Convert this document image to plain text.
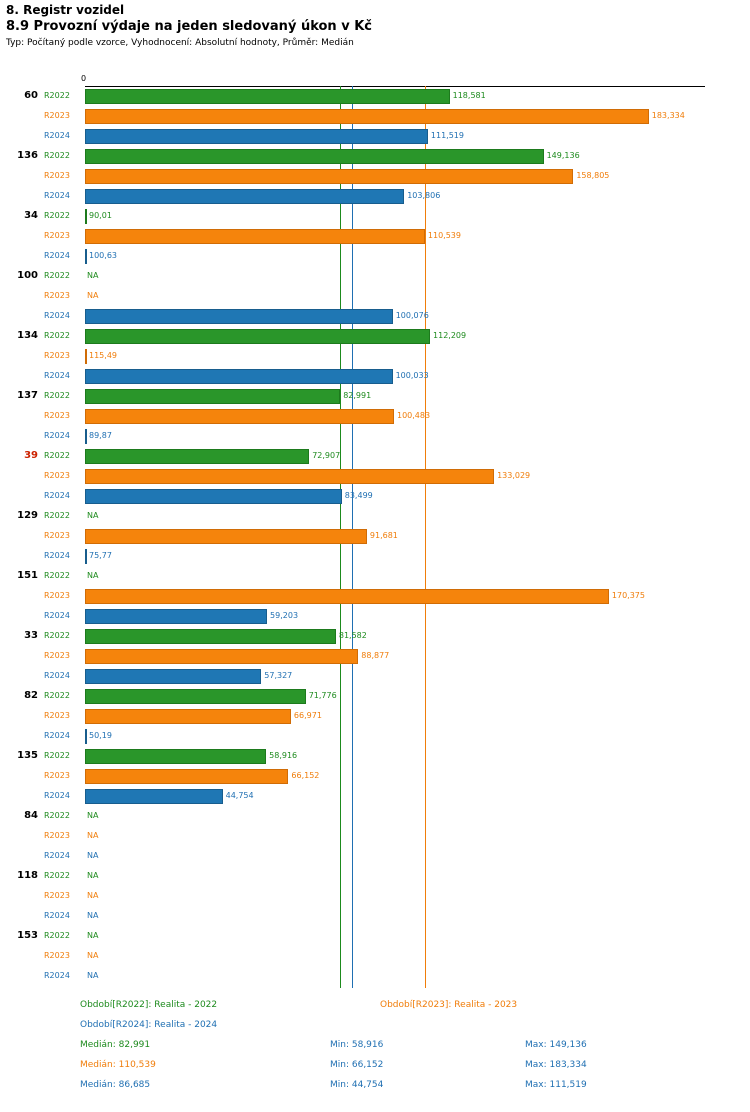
8. Registr vozidel
8.9 Provozní výdaje na jeden sledovaný úkon v Kč
Typ: Počítaný podle vzorce, Vyhodnocení: Absolutní hodnoty, Průměr: Medián
0
60 R2022	118,581
R2023	183,334
R2024	111,519
136 R2022	149,136
R2023	158,805
R2024	103,806
34 R2022 90,01
R2023	110,539
R2024 100,63
100 R2022 NA
R2023 NA
R2024	100,076
134 R2022	112,209
R2023 115,49
R2024	100,033
137 R2022	82,991
R2023	100,483
R2024 89,87
39 R2022	72,907
R2023	133,029
R2024	83,499
129 R2022 NA
R2023	91,681
R2024 75,77
151 R2022 NA
R2023	170,375
R2024	59,203
33 R2022	81,582
R2023	88,877
R2024	57,327
82 R2022	71,776
R2023	66,971
R2024 50,19
135 R2022	58,916
R2023	66,152
R2024	44,754
84 R2022 NA
R2023 NA
R2024 NA
118 R2022 NA
R2023 NA
R2024 NA
153 R2022 NA
R2023 NA
R2024 NA
Období[R2022]: Realita - 2022	Období[R2023]: Realita - 2023
Období[R2024]: Realita - 2024
Medián: 82,991	Min: 58,916	Max: 149,136
Medián: 110,539	Min: 66,152	Max: 183,334
Medián: 86,685	Min: 44,754	Max: 111,519
